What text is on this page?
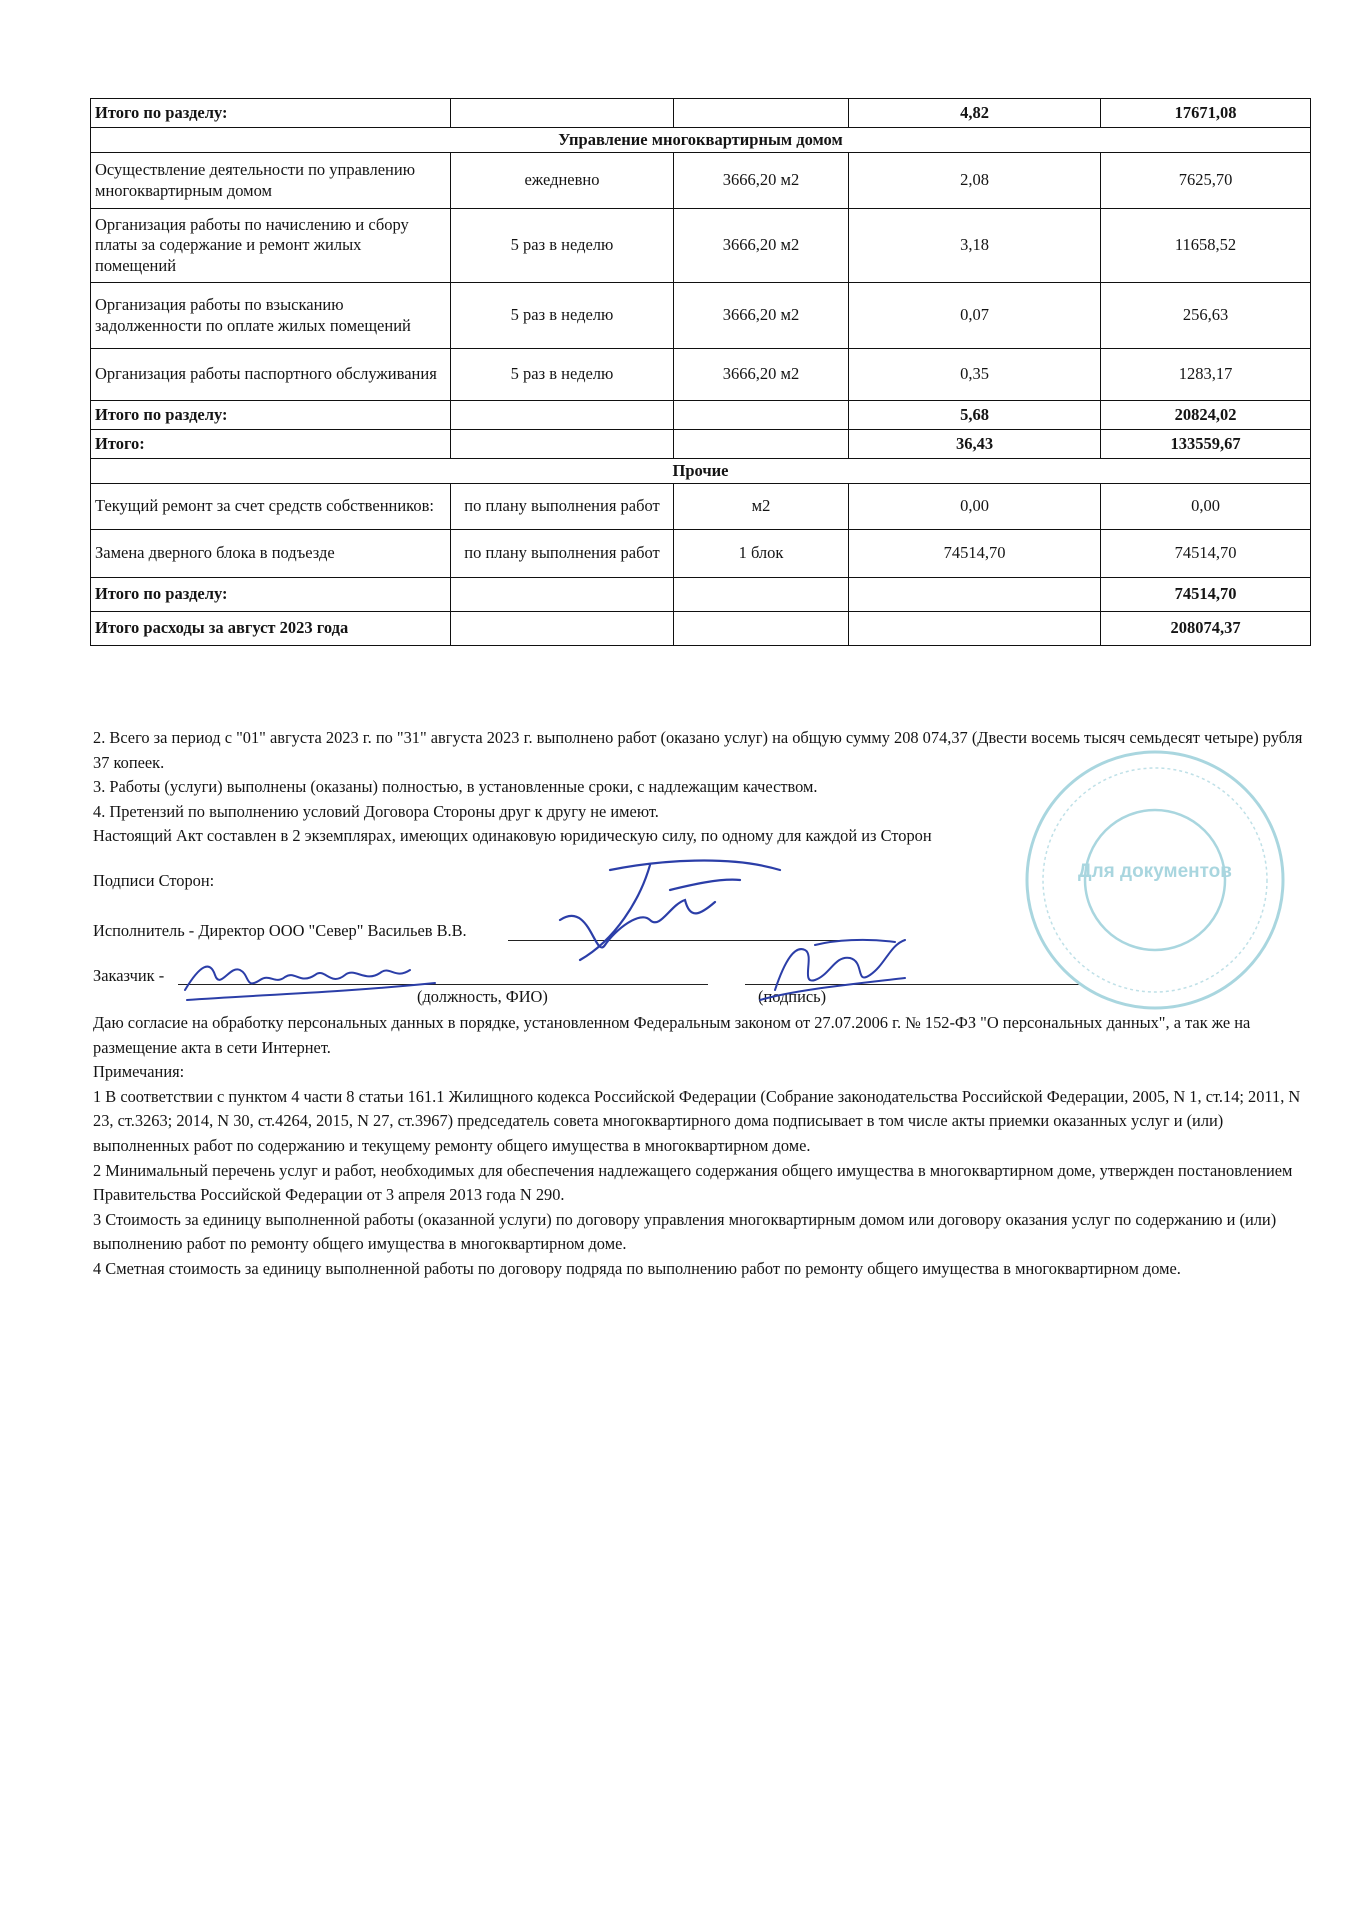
Итого по разделу:			4,82	17671,08
Управление многоквартирным домом				
Осуществление деятельности по управлению многоквартирным домом	ежедневно	3666,20 м2	2,08	7625,70
Организация работы по начислению и сбору платы за содержание и ремонт жилых помещений	5 раз в неделю	3666,20 м2	3,18	11658,52
Организация работы по взысканию задолженности по оплате жилых помещений	5 раз в неделю	3666,20 м2	0,07	256,63
Организация работы паспортного обслуживания	5 раз в неделю	3666,20 м2	0,35	1283,17
Итого по разделу:			5,68	20824,02
Итого:			36,43	133559,67
Прочие				
Текущий ремонт за счет средств собственников:	по плану выполнения работ	м2	0,00	0,00
Замена дверного блока в подъезде	по плану выполнения работ	1 блок	74514,70	74514,70
Итого по разделу:				74514,70
Итого расходы за август 2023 года				208074,37

2. Всего за период с "01" августа 2023 г. по "31" августа 2023 г. выполнено работ (оказано услуг) на общую сумму 208 074,37 (Двести восемь тысяч семьдесят четыре) рубля 37 копеек.

3. Работы (услуги) выполнены (оказаны) полностью, в установленные сроки, с надлежащим качеством.

4. Претензий по выполнению условий Договора Стороны друг к другу не имеют.

Настоящий Акт составлен в 2 экземплярах, имеющих одинаковую юридическую силу, по одному для каждой из Сторон

Подписи Сторон:
Исполнитель - Директор ООО "Север" Васильев В.В.
Заказчик -
(должность, ФИО)	(подпись)
Для документов

Даю согласие на обработку персональных данных в порядке, установленном Федеральным законом от 27.07.2006 г. № 152-ФЗ "О персональных данных", а так же на размещение акта в сети Интернет.

Примечания:

1 В соответствии с пунктом 4 части 8 статьи 161.1 Жилищного кодекса Российской Федерации (Собрание законодательства Российской Федерации, 2005, N 1, ст.14; 2011, N 23, ст.3263; 2014, N 30, ст.4264, 2015, N 27, ст.3967) председатель совета многоквартирного дома подписывает в том числе акты приемки оказанных услуг и (или) выполненных работ по содержанию и текущему ремонту общего имущества в многоквартирном доме.

2 Минимальный перечень услуг и работ, необходимых для обеспечения надлежащего содержания общего имущества в многоквартирном доме, утвержден постановлением Правительства Российской Федерации от 3 апреля 2013 года N 290.

3 Стоимость за единицу выполненной работы (оказанной услуги) по договору управления многоквартирным домом или договору оказания услуг по содержанию и (или) выполнению работ по ремонту общего имущества в многоквартирном доме.

4 Сметная стоимость за единицу выполненной работы по договору подряда по выполнению работ по ремонту общего имущества в многоквартирном доме.
